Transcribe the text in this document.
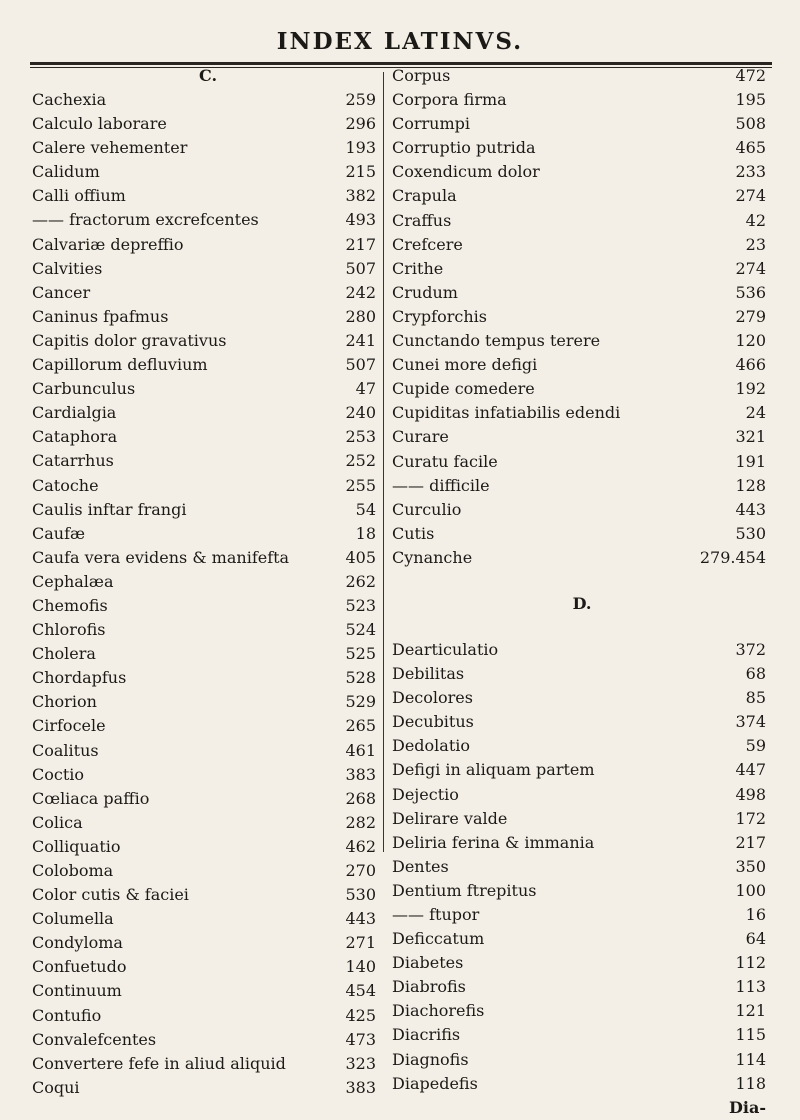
INDEX LATINVS.
C.
Cachexia	259
Calculo laborare	296
Calere vehementer	193
Calidum	215
Calli offium	382
—— fractorum excrefcentes	493
Calvariæ depreffio	217
Calvities	507
Cancer	242
Caninus fpafmus	280
Capitis dolor gravativus	241
Capillorum defluvium	507
Carbunculus	47
Cardialgia	240
Cataphora	253
Catarrhus	252
Catoche	255
Caulis inftar frangi	54
Caufæ	18
Caufa vera evidens & manifefta	405
Cephalæa	262
Chemofis	523
Chlorofis	524
Cholera	525
Chordapfus	528
Chorion	529
Cirfocele	265
Coalitus	461
Coctio	383
Cœliaca paffio	268
Colica	282
Colliquatio	462
Coloboma	270
Color cutis & faciei	530
Columella	443
Condyloma	271
Confuetudo	140
Continuum	454
Contufio	425
Convalefcentes	473
Convertere fefe in aliud aliquid	323
Coqui	383
Corpus	472
Corpora firma	195
Corrumpi	508
Corruptio putrida	465
Coxendicum dolor	233
Crapula	274
Craffus	42
Crefcere	23
Crithe	274
Crudum	536
Crypforchis	279
Cunctando tempus terere	120
Cunei more defigi	466
Cupide comedere	192
Cupiditas infatiabilis edendi	24
Curare	321
Curatu facile	191
—— difficile	128
Curculio	443
Cutis	530
Cynanche	279.454
D.
Dearticulatio	372
Debilitas	68
Decolores	85
Decubitus	374
Dedolatio	59
Defigi in aliquam partem	447
Dejectio	498
Delirare valde	172
Deliria ferina & immania	217
Dentes	350
Dentium ftrepitus	100
—— ftupor	16
Deficcatum	64
Diabetes	112
Diabrofis	113
Diachorefis	121
Diacrifis	115
Diagnofis	114
Diapedefis	118
Dia-
